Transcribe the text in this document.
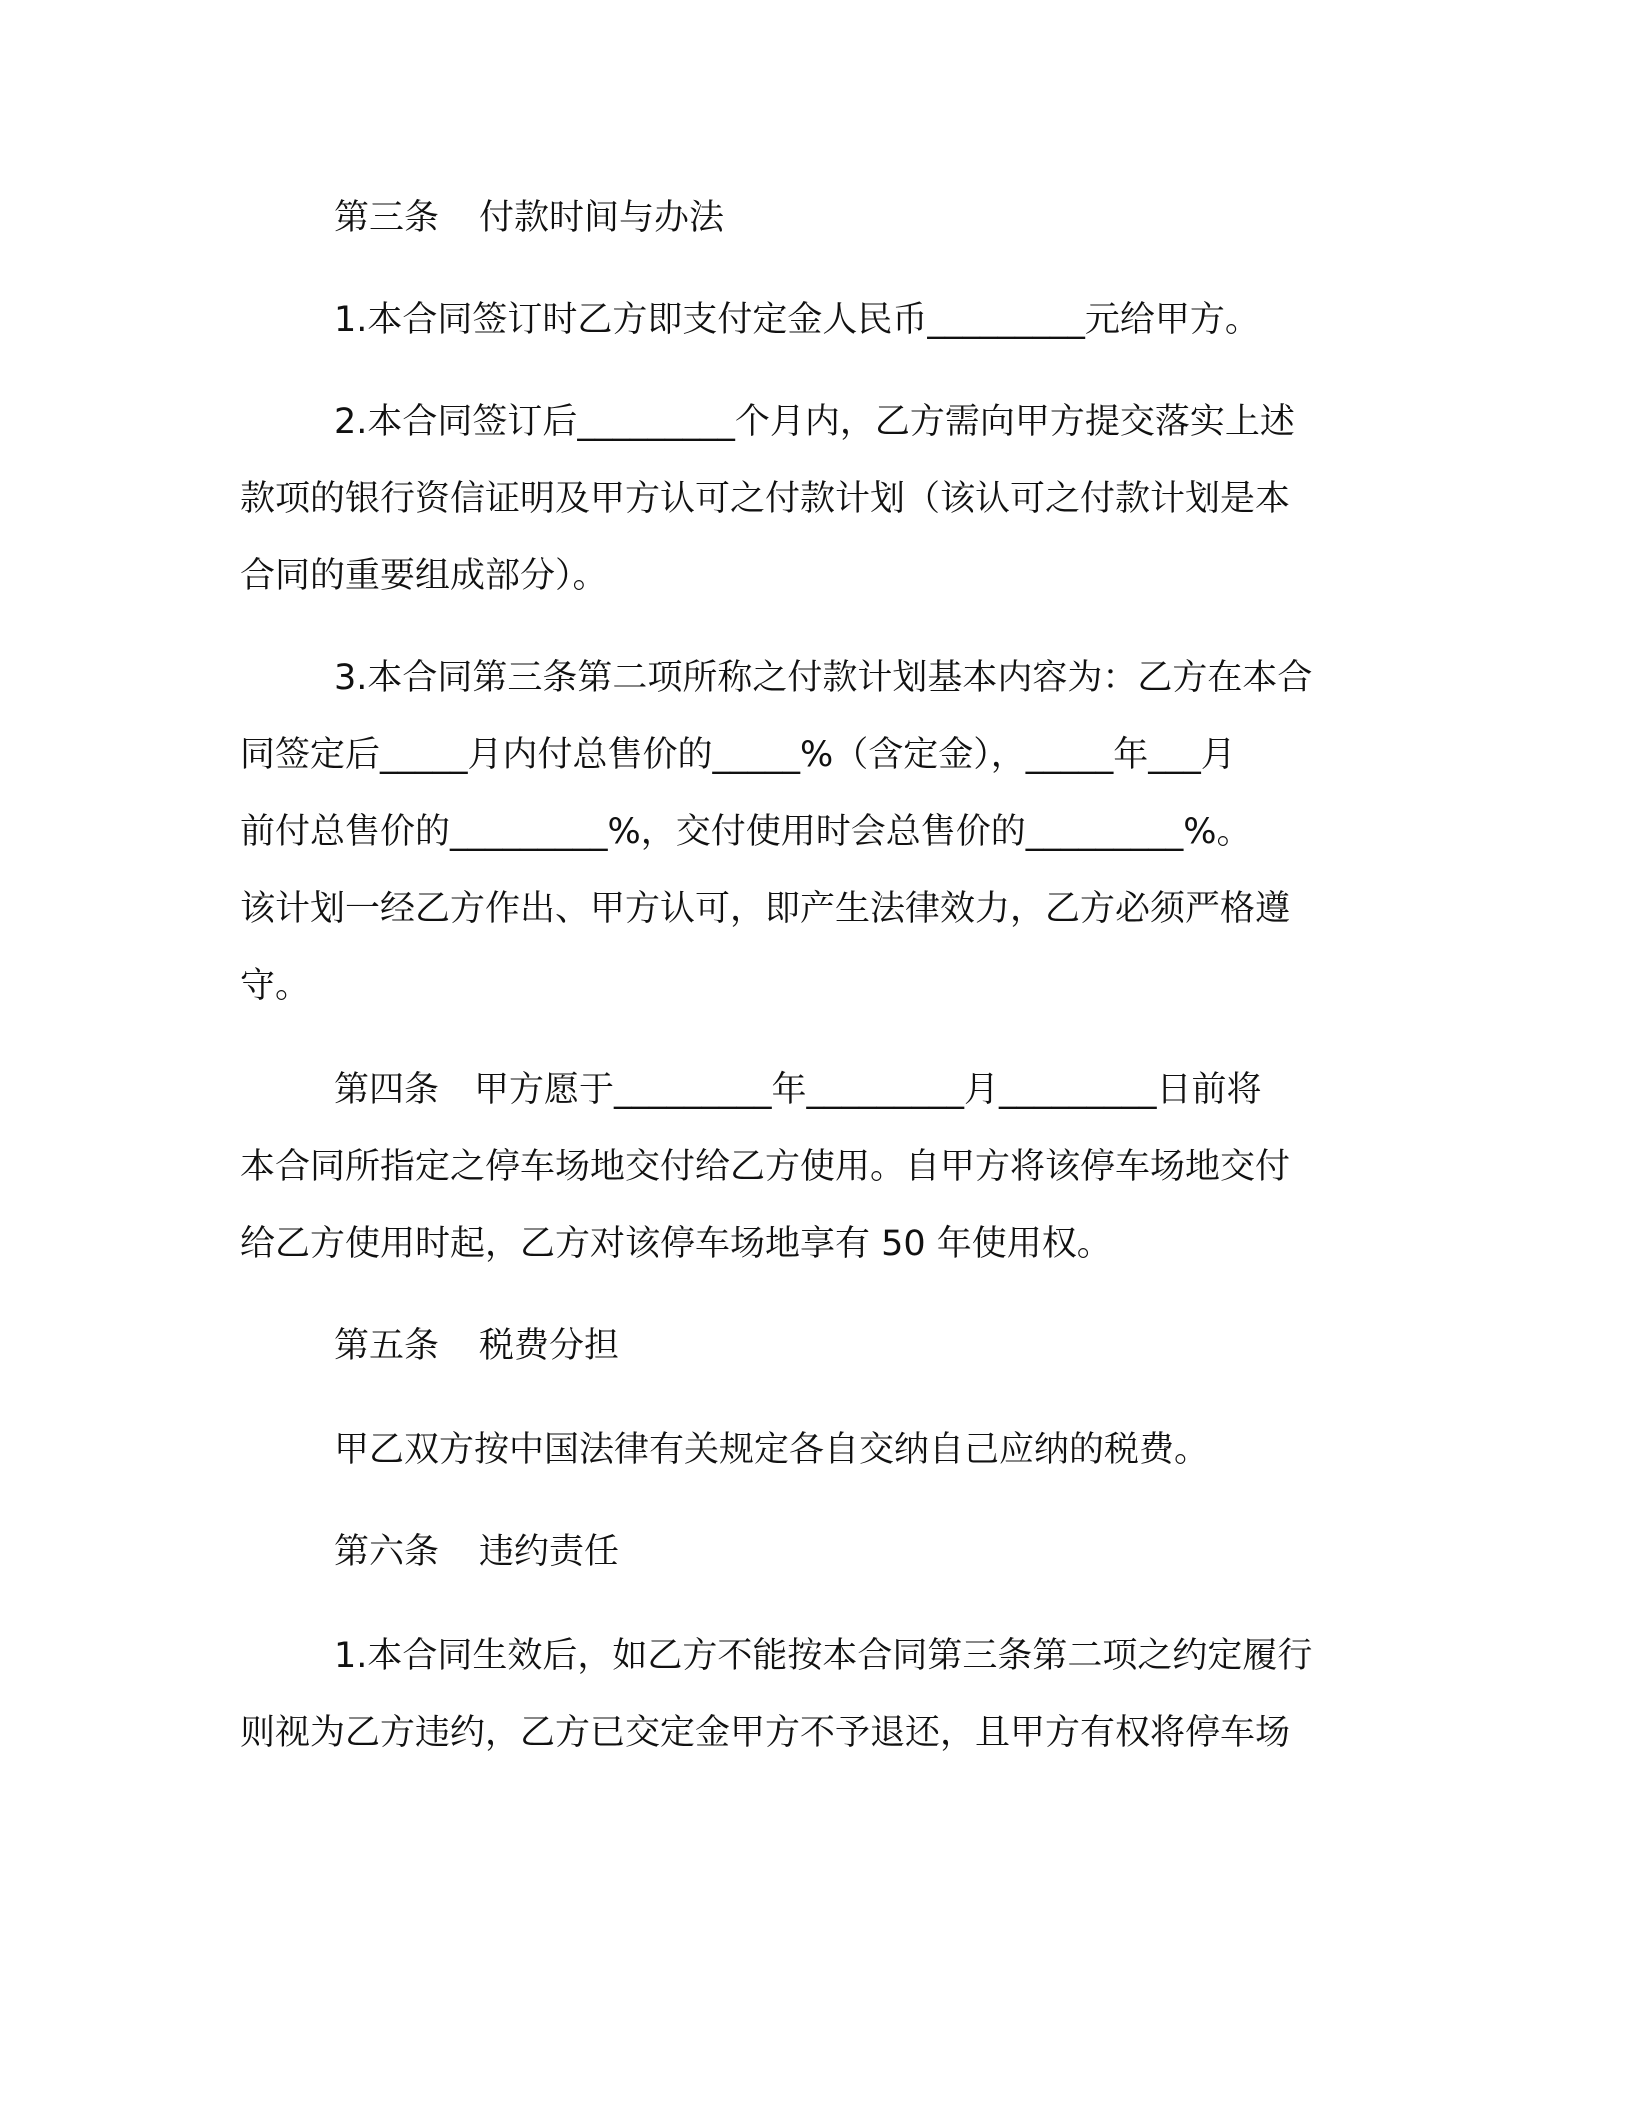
第三条 付款时间与办法
1.本合同签订时乙方即支付定金人民币_________元给甲方。
2.本合同签订后_________个月内，乙方需向甲方提交落实上述
款项的银行资信证明及甲方认可之付款计划（该认可之付款计划是本
合同的重要组成部分）。
3.本合同第三条第二项所称之付款计划基本内容为：乙方在本合
同签定后_____月内付总售价的_____%（含定金），_____年___月
前付总售价的_________%，交付使用时会总售价的_________%。
该计划一经乙方作出、甲方认可，即产生法律效力，乙方必须严格遵
守。
第四条　甲方愿于_________年_________月_________日前将
本合同所指定之停车场地交付给乙方使用。自甲方将该停车场地交付
给乙方使用时起，乙方对该停车场地享有 50 年使用权。
第五条 税费分担
甲乙双方按中国法律有关规定各自交纳自己应纳的税费。
第六条 违约责任
1.本合同生效后，如乙方不能按本合同第三条第二项之约定履行
则视为乙方违约，乙方已交定金甲方不予退还，且甲方有权将停车场
